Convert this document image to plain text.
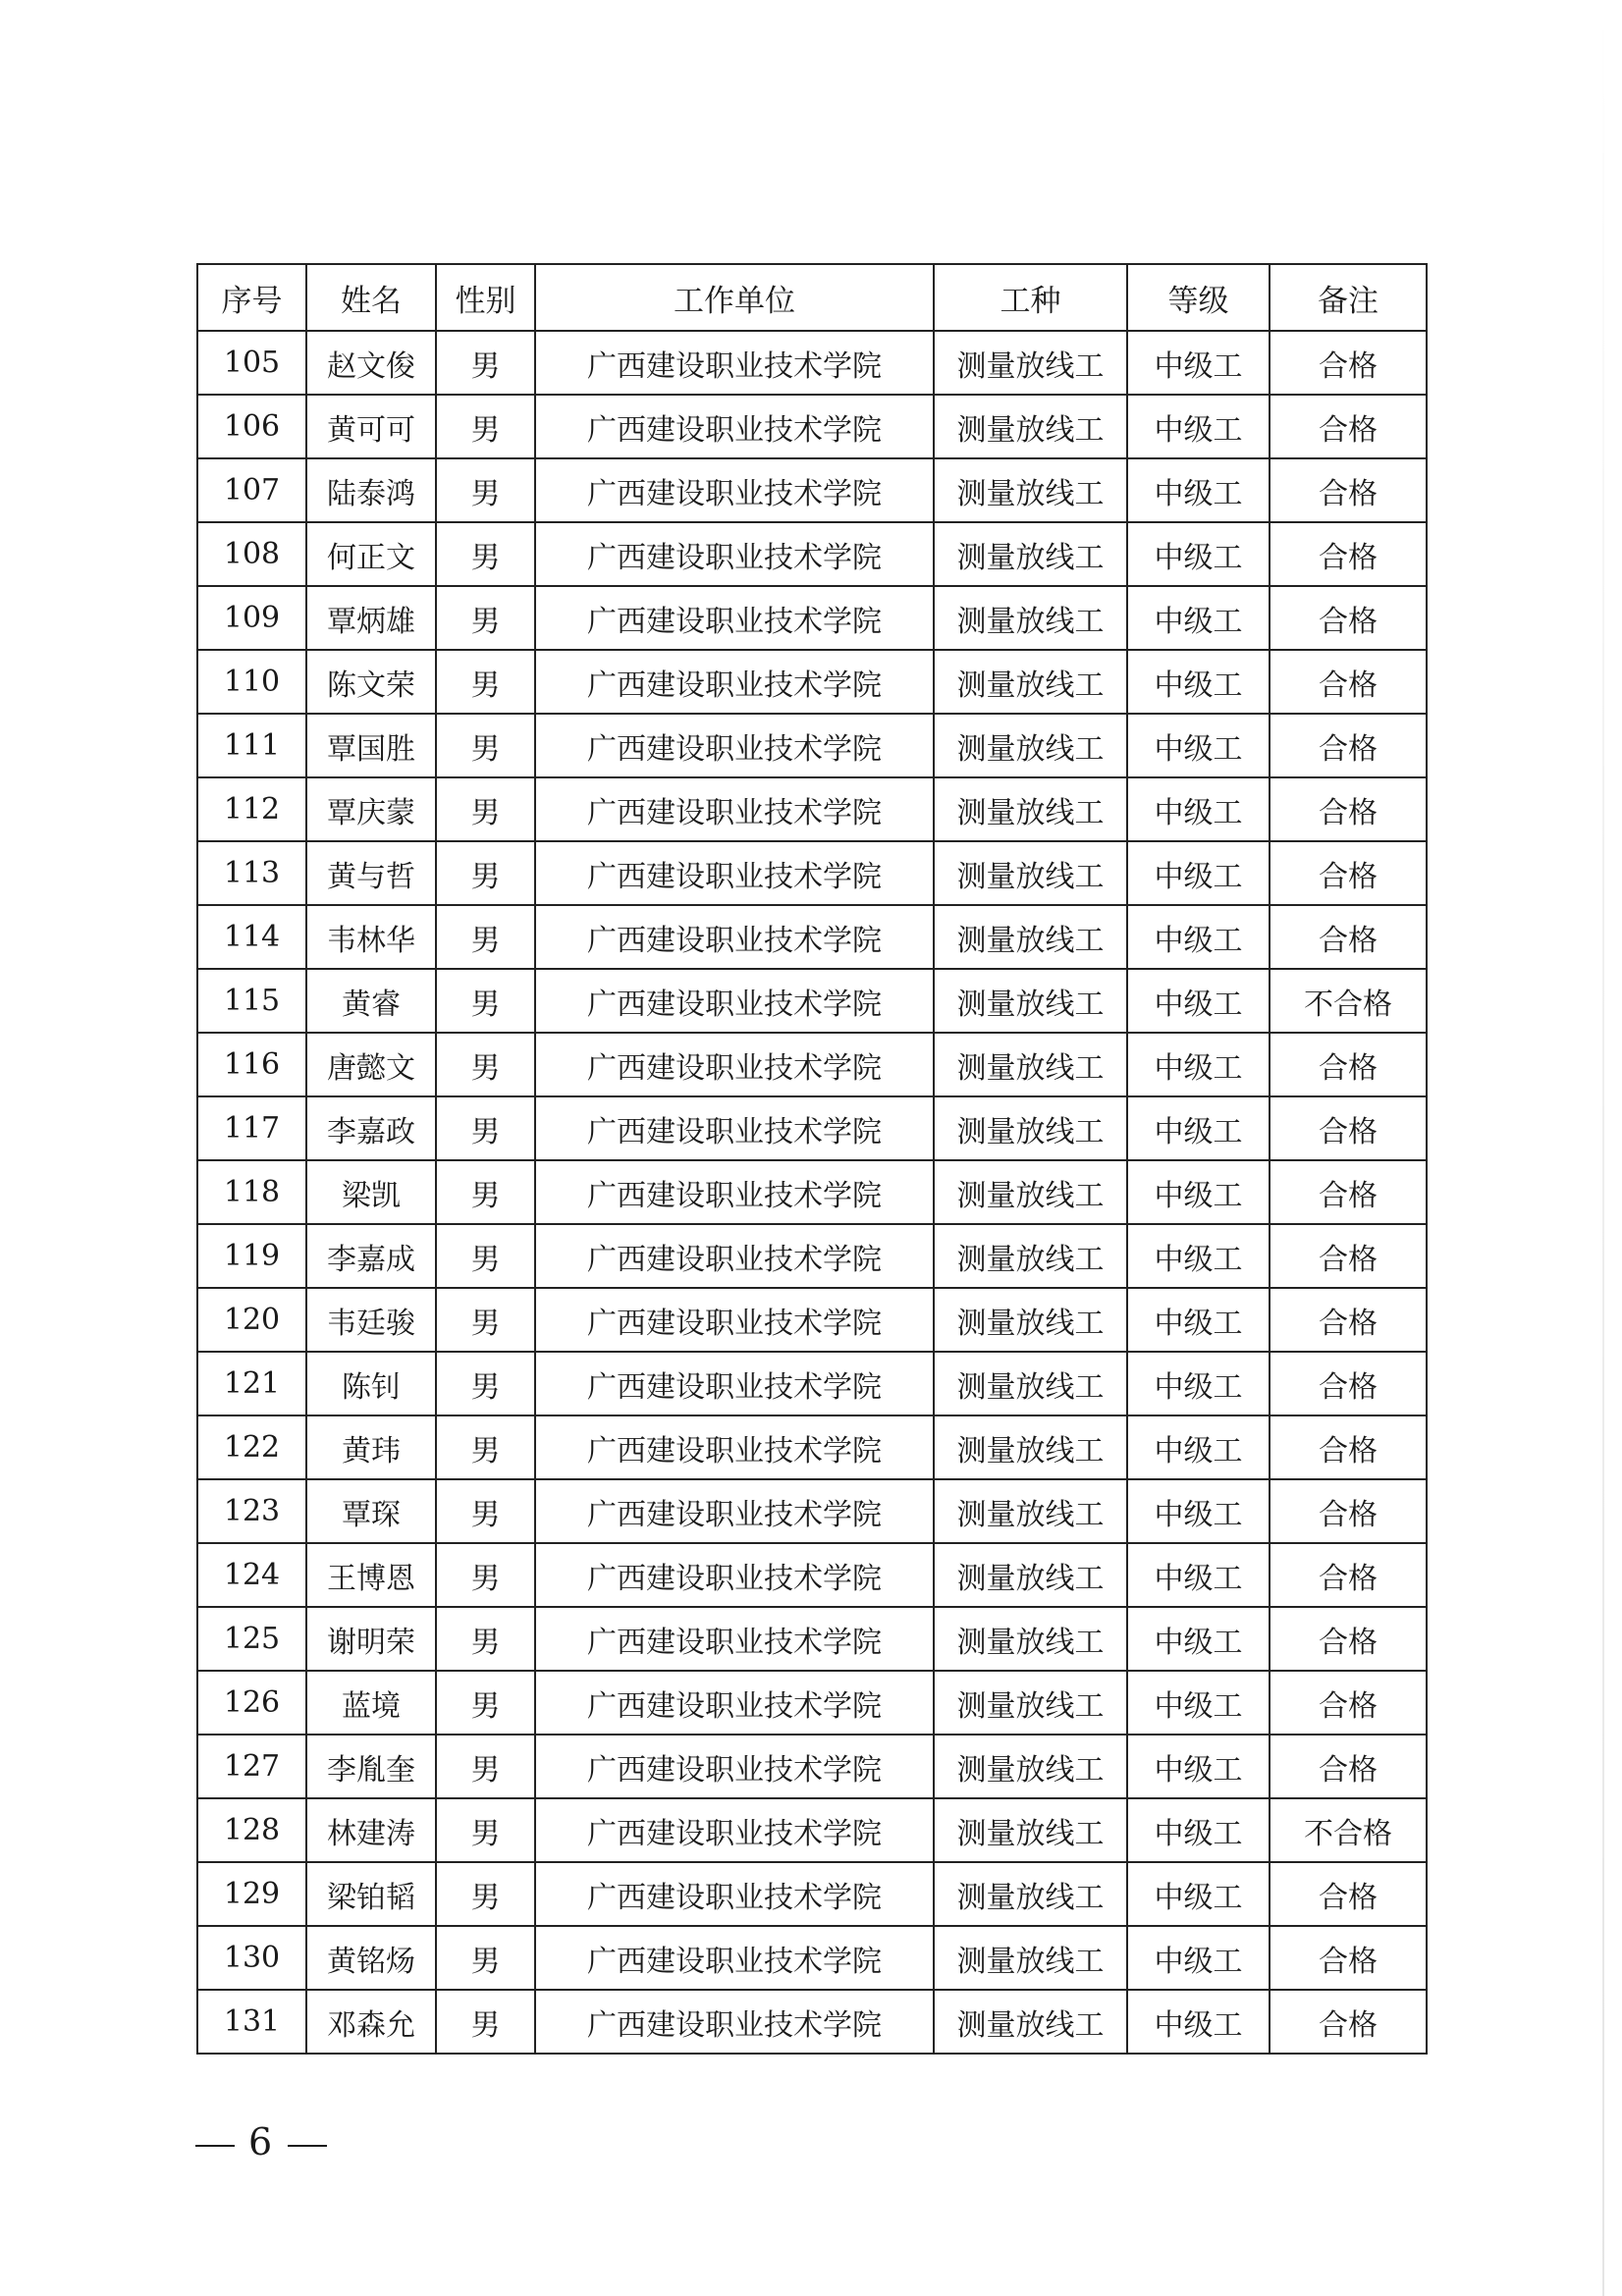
序号	姓名	性别	工作单位	工种	等级	备注
105	赵文俊	男	广西建设职业技术学院	测量放线工	中级工	合格
106	黄可可	男	广西建设职业技术学院	测量放线工	中级工	合格
107	陆泰鸿	男	广西建设职业技术学院	测量放线工	中级工	合格
108	何正文	男	广西建设职业技术学院	测量放线工	中级工	合格
109	覃炳雄	男	广西建设职业技术学院	测量放线工	中级工	合格
110	陈文荣	男	广西建设职业技术学院	测量放线工	中级工	合格
111	覃国胜	男	广西建设职业技术学院	测量放线工	中级工	合格
112	覃庆蒙	男	广西建设职业技术学院	测量放线工	中级工	合格
113	黄与哲	男	广西建设职业技术学院	测量放线工	中级工	合格
114	韦林华	男	广西建设职业技术学院	测量放线工	中级工	合格
115	黄睿	男	广西建设职业技术学院	测量放线工	中级工	不合格
116	唐懿文	男	广西建设职业技术学院	测量放线工	中级工	合格
117	李嘉政	男	广西建设职业技术学院	测量放线工	中级工	合格
118	梁凯	男	广西建设职业技术学院	测量放线工	中级工	合格
119	李嘉成	男	广西建设职业技术学院	测量放线工	中级工	合格
120	韦廷骏	男	广西建设职业技术学院	测量放线工	中级工	合格
121	陈钊	男	广西建设职业技术学院	测量放线工	中级工	合格
122	黄玮	男	广西建设职业技术学院	测量放线工	中级工	合格
123	覃琛	男	广西建设职业技术学院	测量放线工	中级工	合格
124	王博恩	男	广西建设职业技术学院	测量放线工	中级工	合格
125	谢明荣	男	广西建设职业技术学院	测量放线工	中级工	合格
126	蓝境	男	广西建设职业技术学院	测量放线工	中级工	合格
127	李胤奎	男	广西建设职业技术学院	测量放线工	中级工	合格
128	林建涛	男	广西建设职业技术学院	测量放线工	中级工	不合格
129	梁铂韬	男	广西建设职业技术学院	测量放线工	中级工	合格
130	黄铭炀	男	广西建设职业技术学院	测量放线工	中级工	合格
131	邓森允	男	广西建设职业技术学院	测量放线工	中级工	合格
6
